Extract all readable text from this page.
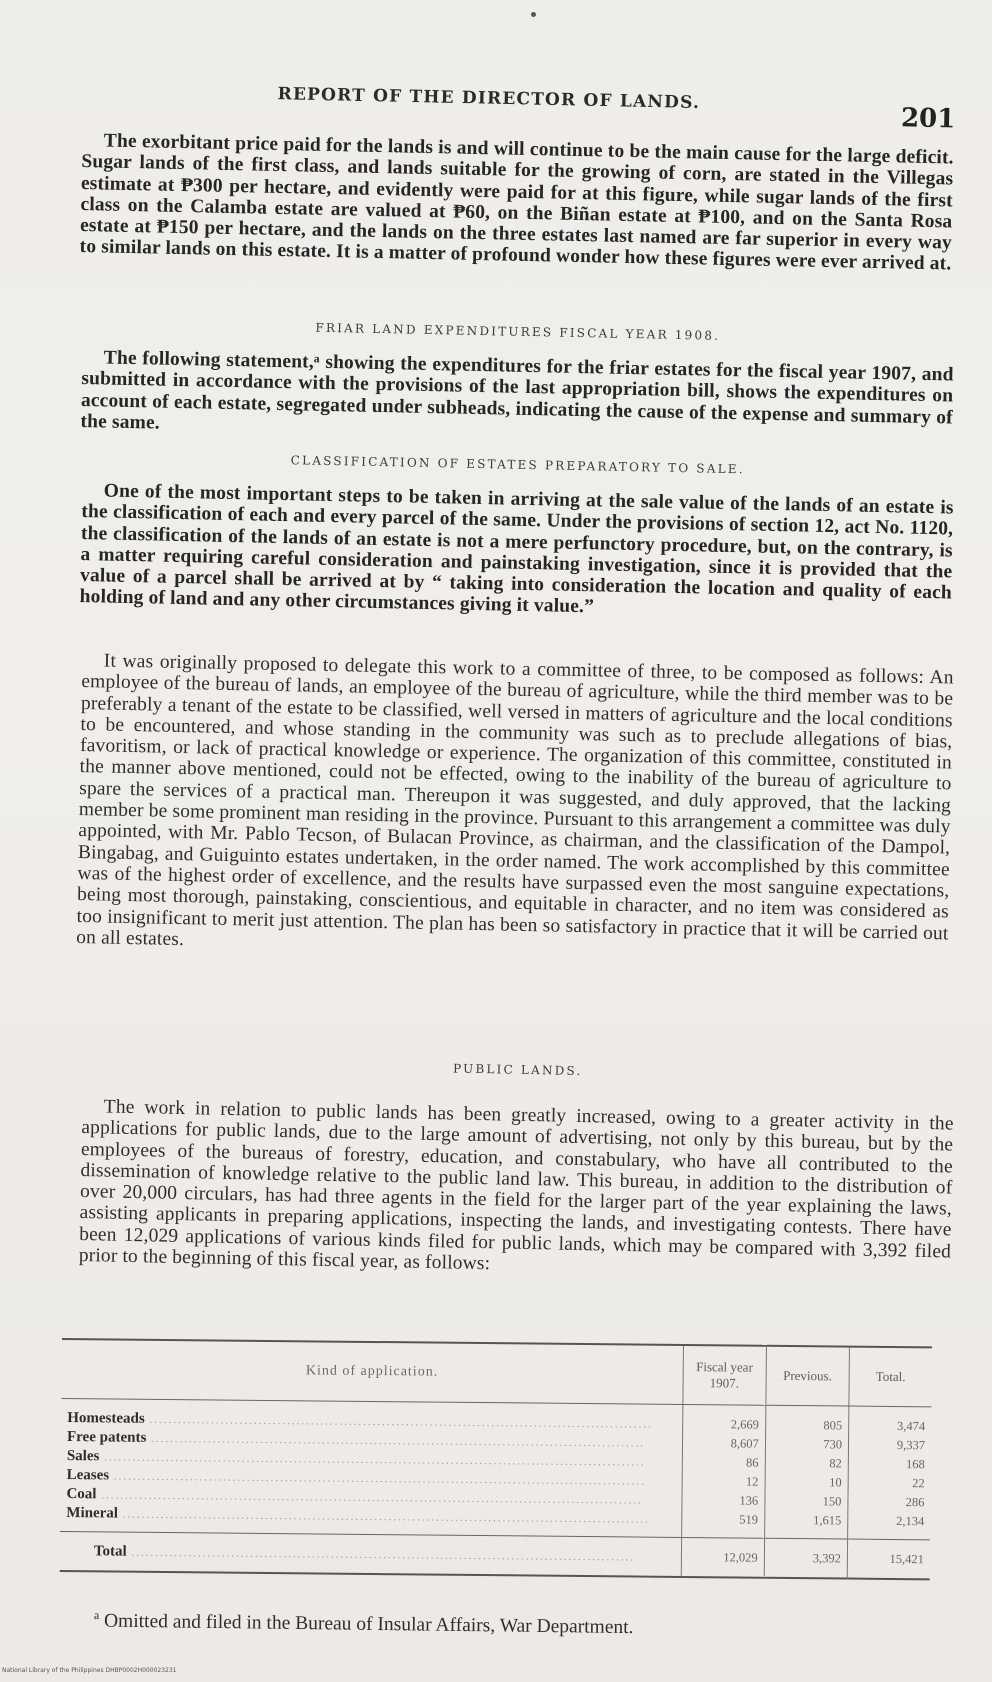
REPORT OF THE DIRECTOR OF LANDS.
201

The exorbitant price paid for the lands is and will continue to be the main cause for the large deficit. Sugar lands of the first class, and lands suitable for the growing of corn, are stated in the Villegas estimate at ₱300 per hectare, and evidently were paid for at this figure, while sugar lands of the first class on the Calamba estate are valued at ₱60, on the Biñan estate at ₱100, and on the Santa Rosa estate at ₱150 per hectare, and the lands on the three estates last named are far superior in every way to similar lands on this estate. It is a matter of profound wonder how these figures were ever arrived at.

FRIAR LAND EXPENDITURES FISCAL YEAR 1908.

The following statement,ᵃ showing the expenditures for the friar estates for the fiscal year 1907, and submitted in accordance with the provisions of the last appropriation bill, shows the expenditures on account of each estate, segregated under subheads, indicating the cause of the expense and summary of the same.

CLASSIFICATION OF ESTATES PREPARATORY TO SALE.

One of the most important steps to be taken in arriving at the sale value of the lands of an estate is the classification of each and every parcel of the same. Under the provisions of section 12, act No. 1120, the classification of the lands of an estate is not a mere perfunctory procedure, but, on the contrary, is a matter requiring careful consideration and painstaking investigation, since it is provided that the value of a parcel shall be arrived at by “ taking into consideration the location and quality of each holding of land and any other circumstances giving it value.”

It was originally proposed to delegate this work to a committee of three, to be composed as follows: An employee of the bureau of lands, an employee of the bureau of agriculture, while the third member was to be preferably a tenant of the estate to be classified, well versed in matters of agriculture and the local conditions to be encountered, and whose standing in the community was such as to preclude allegations of bias, favoritism, or lack of practical knowledge or experience. The organization of this committee, constituted in the manner above mentioned, could not be effected, owing to the inability of the bureau of agriculture to spare the services of a practical man. Thereupon it was suggested, and duly approved, that the lacking member be some prominent man residing in the province. Pursuant to this arrangement a committee was duly appointed, with Mr. Pablo Tecson, of Bulacan Province, as chairman, and the classification of the Dampol, Bingabag, and Guiguinto estates undertaken, in the order named. The work accomplished by this committee was of the highest order of excellence, and the results have surpassed even the most sanguine expectations, being most thorough, painstaking, conscientious, and equitable in character, and no item was considered as too insignificant to merit just attention. The plan has been so satisfactory in practice that it will be carried out on all estates.

PUBLIC LANDS.

The work in relation to public lands has been greatly increased, owing to a greater activity in the applications for public lands, due to the large amount of advertising, not only by this bureau, but by the employees of the bureaus of forestry, education, and constabulary, who have all contributed to the dissemination of knowledge relative to the public land law. This bureau, in addition to the distribution of over 20,000 circulars, has had three agents in the field for the larger part of the year explaining the laws, assisting applicants in preparing applications, inspecting the lands, and investigating contests. There have been 12,029 applications of various kinds filed for public lands, which may be compared with 3,392 filed prior to the beginning of this fiscal year, as follows:

Kind of application.	Fiscal year 1907.	Previous.	Total.
Homesteads ..........................................................................................................	2,669	805	3,474
Free patents ........................................................................................................	8,607	730	9,337
Sales ..................................................................................................................	86	82	168
Leases ................................................................................................................	12	10	22
Coal ..................................................................................................................	136	150	286
Mineral ...............................................................................................................	519	1,615	2,134
Total ..........................................................................................................	12,029	3,392	15,421
$^a$ Omitted and filed in the Bureau of Insular Affairs, War Department.
National Library of the Philippines DHBP0002H000023231
